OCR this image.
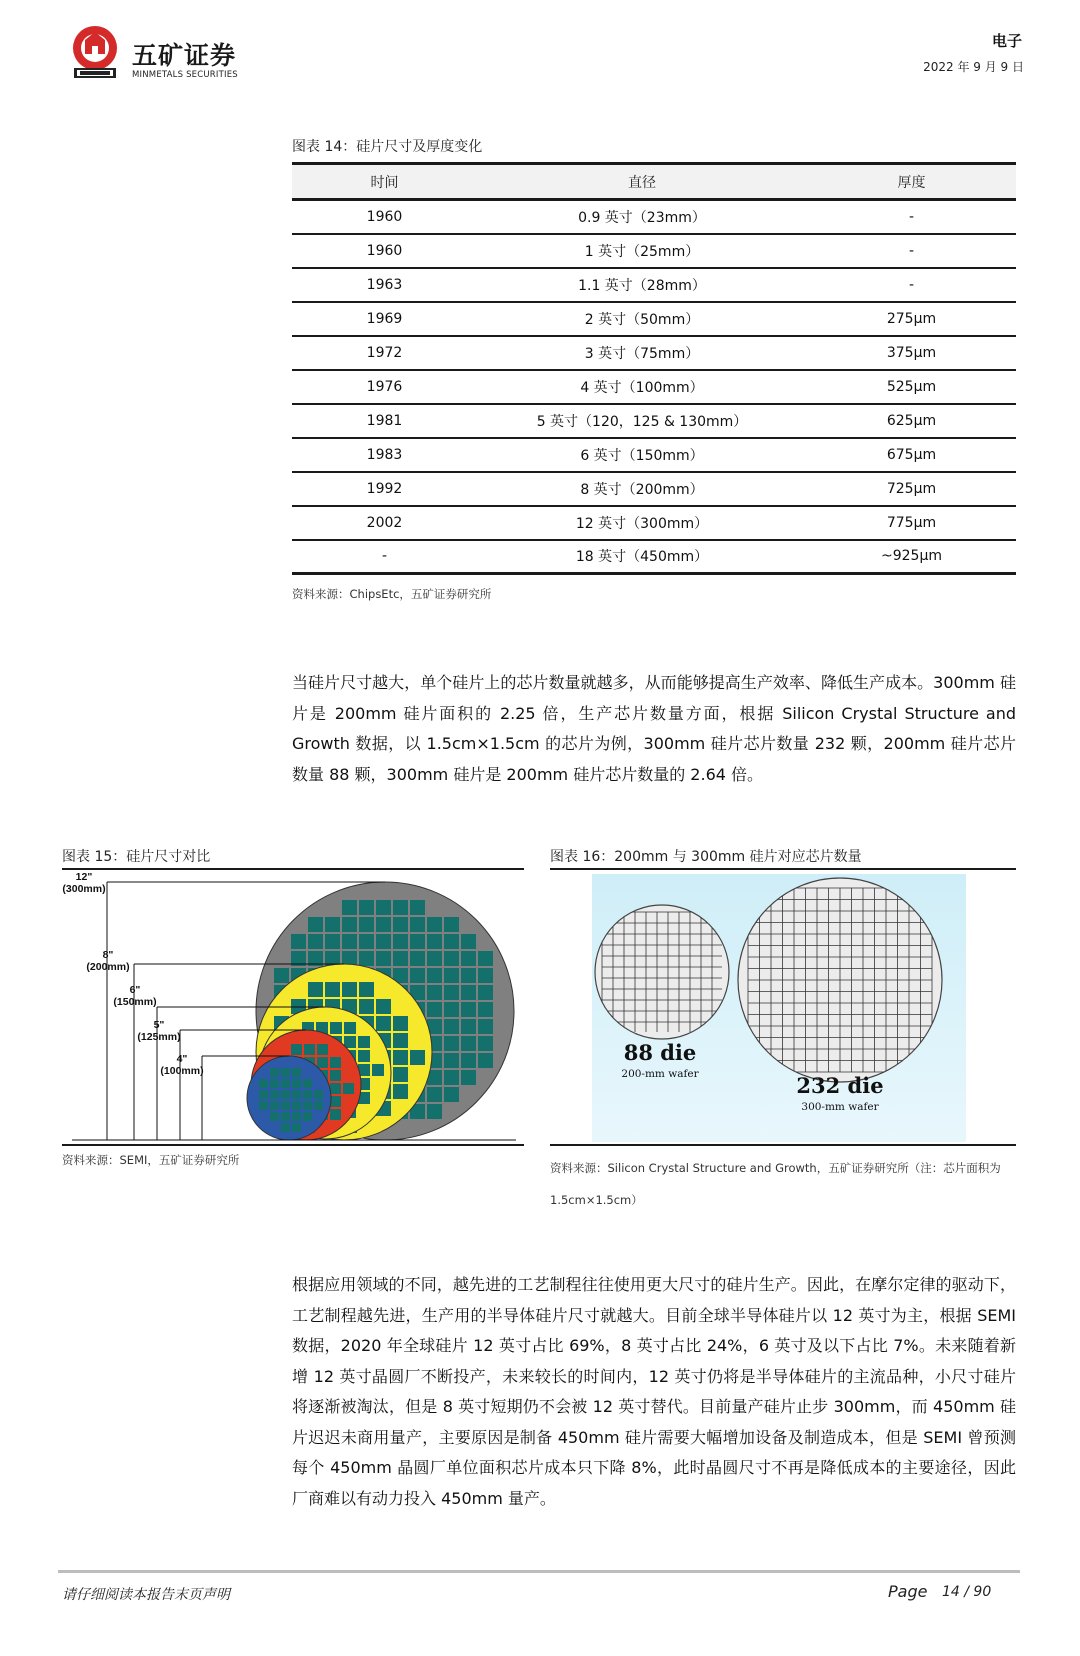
五矿证券
MINMETALS SECURITIES
电子
2022 年 9 月 9 日
图表 14：硅片尺寸及厚度变化
时间	直径	厚度
1960	0.9 英寸（23mm）	-
1960	1 英寸（25mm）	-
1963	1.1 英寸（28mm）	-
1969	2 英寸（50mm）	275μm
1972	3 英寸（75mm）	375μm
1976	4 英寸（100mm）	525μm
1981	5 英寸（120，125 & 130mm）	625μm
1983	6 英寸（150mm）	675μm
1992	8 英寸（200mm）	725μm
2002	12 英寸（300mm）	775μm
-	18 英寸（450mm）	~925μm
资料来源：ChipsEtc，五矿证券研究所
当硅片尺寸越大，单个硅片上的芯片数量就越多，从而能够提高生产效率、降低生产成本。300mm 硅片是 200mm 硅片面积的 2.25 倍，生产芯片数量方面，根据 Silicon Crystal Structure and Growth 数据，以 1.5cm×1.5cm 的芯片为例，300mm 硅片芯片数量 232 颗，200mm 硅片芯片数量 88 颗，300mm 硅片是 200mm 硅片芯片数量的 2.64 倍。
图表 15：硅片尺寸对比
12"
(300mm)
8"
(200mm)
6"
(150mm)
5"
(125mm)
4"
(100mm)
资料来源：SEMI，五矿证券研究所
图表 16：200mm 与 300mm 硅片对应芯片数量
88 die
200-mm wafer	232 die
300-mm wafer
资料来源：Silicon Crystal Structure and Growth，五矿证券研究所（注：芯片面积为 1.5cm×1.5cm）
根据应用领域的不同，越先进的工艺制程往往使用更大尺寸的硅片生产。因此，在摩尔定律的驱动下，工艺制程越先进，生产用的半导体硅片尺寸就越大。目前全球半导体硅片以 12 英寸为主，根据 SEMI 数据，2020 年全球硅片 12 英寸占比 69%，8 英寸占比 24%，6 英寸及以下占比 7%。未来随着新增 12 英寸晶圆厂不断投产，未来较长的时间内，12 英寸仍将是半导体硅片的主流品种，小尺寸硅片将逐渐被淘汰，但是 8 英寸短期仍不会被 12 英寸替代。目前量产硅片止步 300mm，而 450mm 硅片迟迟未商用量产，主要原因是制备 450mm 硅片需要大幅增加设备及制造成本，但是 SEMI 曾预测每个 450mm 晶圆厂单位面积芯片成本只下降 8%，此时晶圆尺寸不再是降低成本的主要途径，因此厂商难以有动力投入 450mm 量产。
请仔细阅读本报告末页声明	Page 14 / 90
